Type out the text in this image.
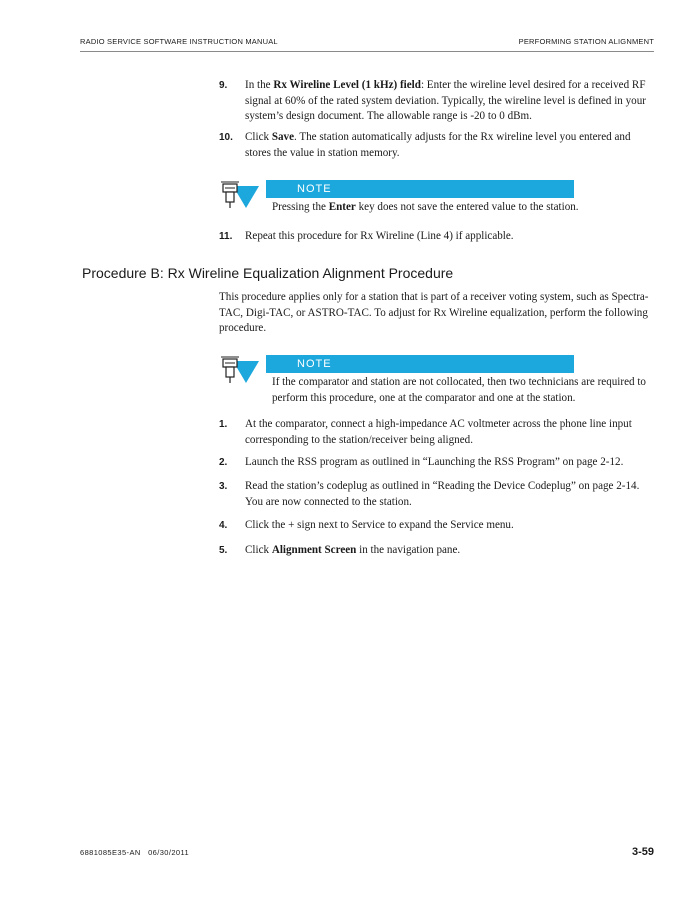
RADIO SERVICE SOFTWARE INSTRUCTION MANUAL	PERFORMING STATION ALIGNMENT
9.	In the Rx Wireline Level (1 kHz) field: Enter the wireline level desired for a received RF signal at 60% of the rated system deviation. Typically, the wireline level is defined in your system’s design document. The allowable range is -20 to 0 dBm.
10.	Click Save. The station automatically adjusts for the Rx wireline level you entered and stores the value in station memory.
NOTE
Pressing the Enter key does not save the entered value to the station.
11.	Repeat this procedure for Rx Wireline (Line 4) if applicable.
Procedure B: Rx Wireline Equalization Alignment Procedure
This procedure applies only for a station that is part of a receiver voting system, such as Spectra-TAC, Digi-TAC, or ASTRO-TAC. To adjust for Rx Wireline equalization, perform the following procedure.
NOTE
If the comparator and station are not collocated, then two technicians are required to perform this procedure, one at the comparator and one at the station.
1.	At the comparator, connect a high-impedance AC voltmeter across the phone line input corresponding to the station/receiver being aligned.
2.	Launch the RSS program as outlined in “Launching the RSS Program” on page 2-12.
3.	Read the station’s codeplug as outlined in “Reading the Device Codeplug” on page 2-14. You are now connected to the station.
4.	Click the + sign next to Service to expand the Service menu.
5.	Click Alignment Screen in the navigation pane.
6881085E35-AN   06/30/2011	3-59
